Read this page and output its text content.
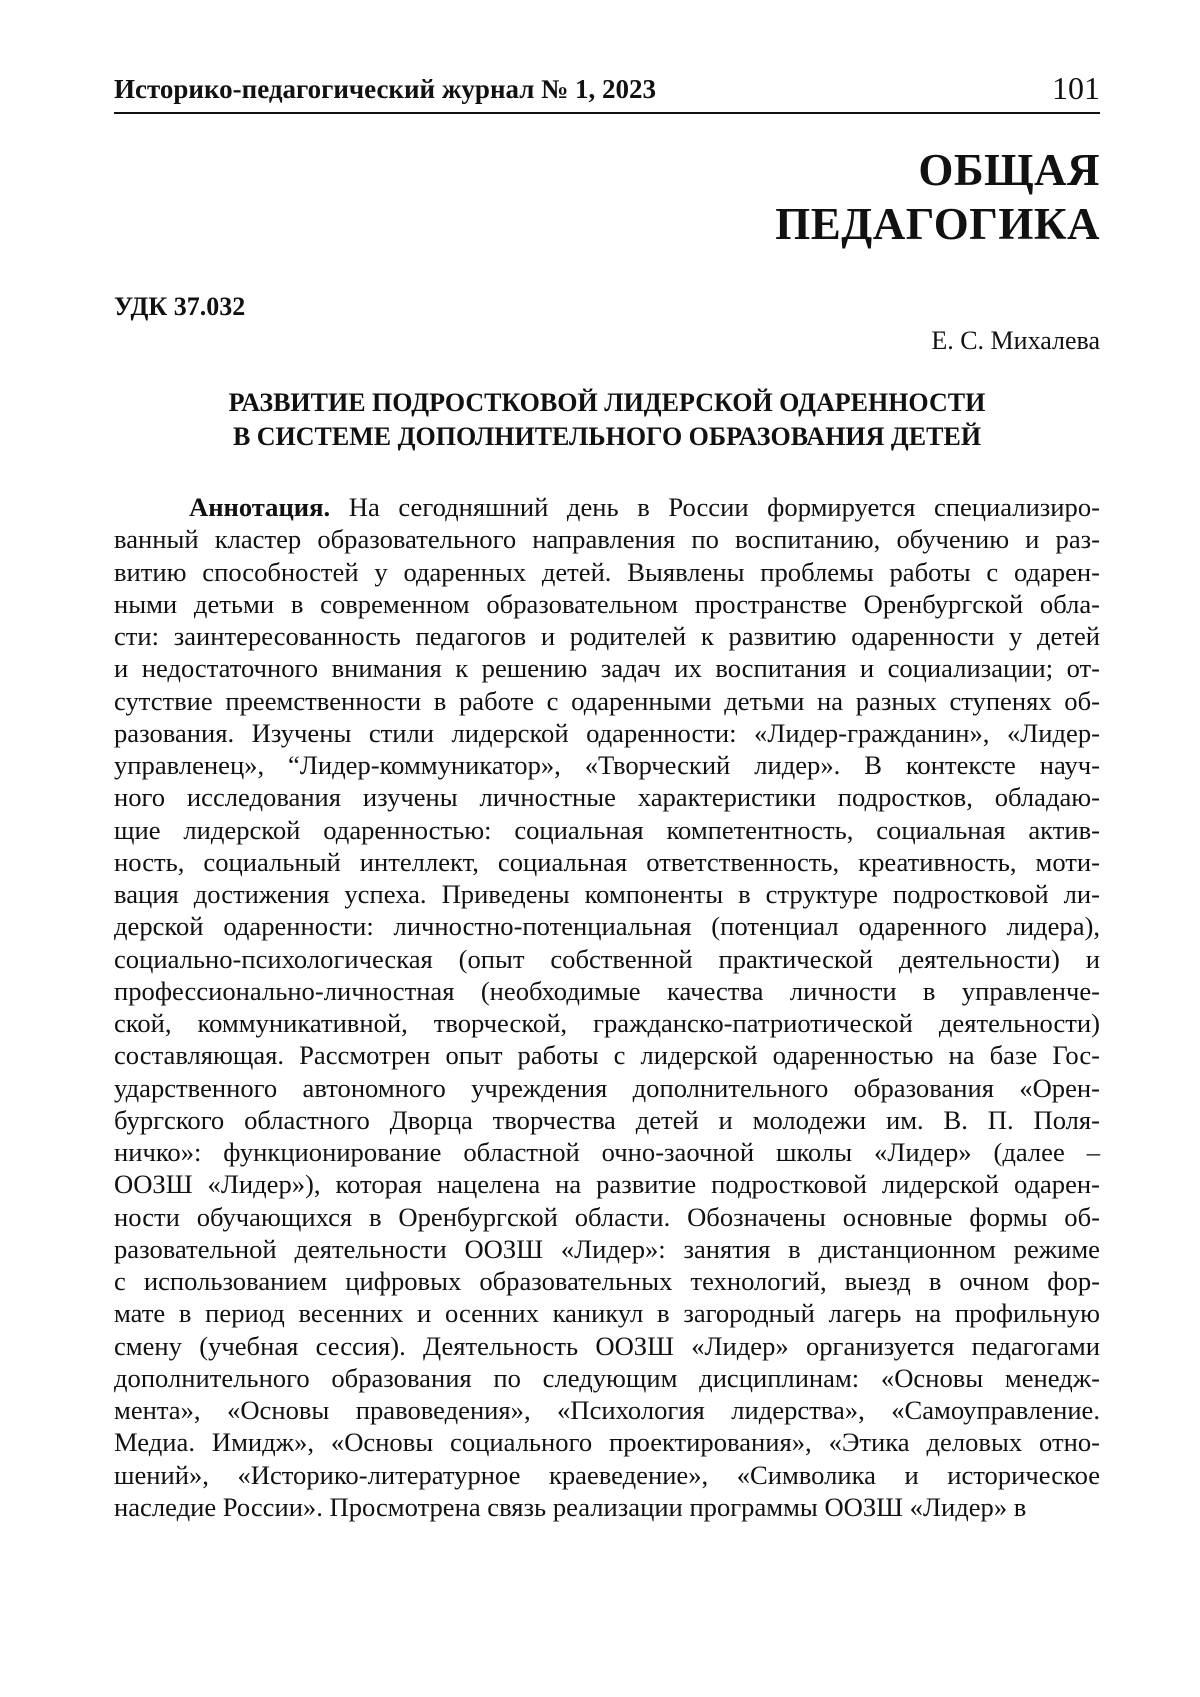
Историко-педагогический журнал № 1, 2023	101
ОБЩАЯ
ПЕДАГОГИКА
УДК 37.032
Е. С. Михалева
РАЗВИТИЕ ПОДРОСТКОВОЙ ЛИДЕРСКОЙ ОДАРЕННОСТИ
В СИСТЕМЕ ДОПОЛНИТЕЛЬНОГО ОБРАЗОВАНИЯ ДЕТЕЙ
Аннотация. На сегодняшний день в России формируется специализиро-
ванный кластер образовательного направления по воспитанию, обучению и раз-
витию способностей у одаренных детей. Выявлены проблемы работы с одарен-
ными детьми в современном образовательном пространстве Оренбургской обла-
сти: заинтересованность педагогов и родителей к развитию одаренности у детей
и недостаточного внимания к решению задач их воспитания и социализации; от-
сутствие преемственности в работе с одаренными детьми на разных ступенях об-
разования. Изучены стили лидерской одаренности: «Лидер-гражданин», «Лидер-
управленец», “Лидер-коммуникатор», «Творческий лидер». В контексте науч-
ного исследования изучены личностные характеристики подростков, обладаю-
щие лидерской одаренностью: социальная компетентность, социальная актив-
ность, социальный интеллект, социальная ответственность, креативность, моти-
вация достижения успеха. Приведены компоненты в структуре подростковой ли-
дерской одаренности: личностно-потенциальная (потенциал одаренного лидера),
социально-психологическая (опыт собственной практической деятельности) и
профессионально-личностная (необходимые качества личности в управленче-
ской, коммуникативной, творческой, гражданско-патриотической деятельности)
составляющая. Рассмотрен опыт работы с лидерской одаренностью на базе Гос-
ударственного автономного учреждения дополнительного образования «Орен-
бургского областного Дворца творчества детей и молодежи им. В. П. Поля-
ничко»: функционирование областной очно-заочной школы «Лидер» (далее –
ООЗШ «Лидер»), которая нацелена на развитие подростковой лидерской одарен-
ности обучающихся в Оренбургской области. Обозначены основные формы об-
разовательной деятельности ООЗШ «Лидер»: занятия в дистанционном режиме
с использованием цифровых образовательных технологий, выезд в очном фор-
мате в период весенних и осенних каникул в загородный лагерь на профильную
смену (учебная сессия). Деятельность ООЗШ «Лидер» организуется педагогами
дополнительного образования по следующим дисциплинам: «Основы менедж-
мента», «Основы правоведения», «Психология лидерства», «Самоуправление.
Медиа. Имидж», «Основы социального проектирования», «Этика деловых отно-
шений», «Историко-литературное краеведение», «Символика и историческое
наследие России». Просмотрена связь реализации программы ООЗШ «Лидер» в
